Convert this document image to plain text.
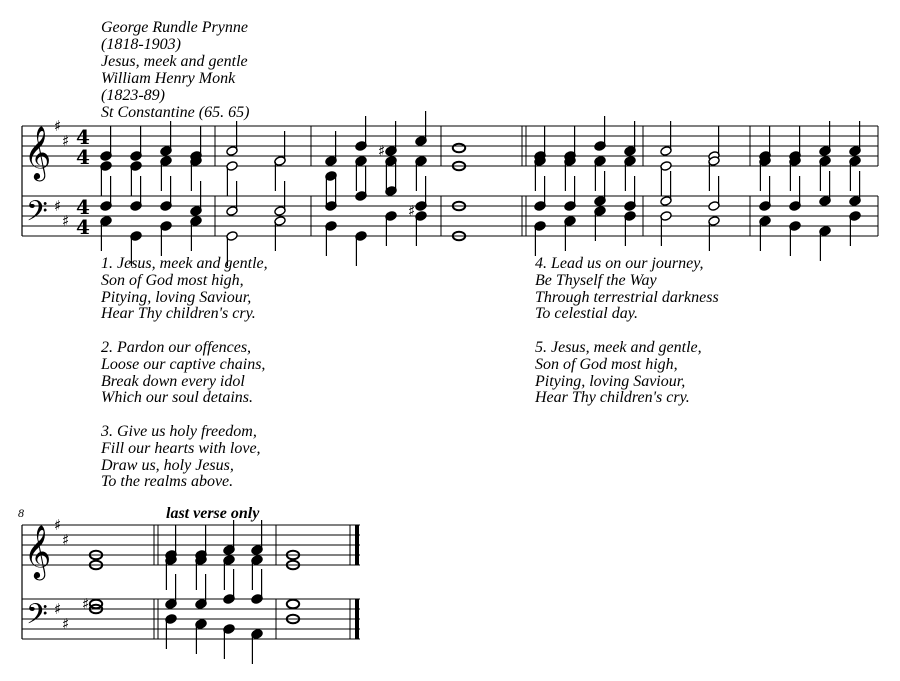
𝄞
𝄢
♯
♯
♯
♯
4
4
4
4
♯
♯
𝄞
𝄢
♯
♯
♯
♯
♯
George Rundle Prynne
(1818-1903)
Jesus, meek and gentle
William Henry Monk
(1823-89)
St Constantine (65. 65)
1. Jesus, meek and gentle,
Son of God most high,
Pitying, loving Saviour,
Hear Thy children's cry.
2. Pardon our offences,
Loose our captive chains,
Break down every idol
Which our soul detains.
3. Give us holy freedom,
Fill our hearts with love,
Draw us, holy Jesus,
To the realms above.
4. Lead us on our journey,
Be Thyself the Way
Through terrestrial darkness
To celestial day.
5. Jesus, meek and gentle,
Son of God most high,
Pitying, loving Saviour,
Hear Thy children's cry.
8	last verse only
